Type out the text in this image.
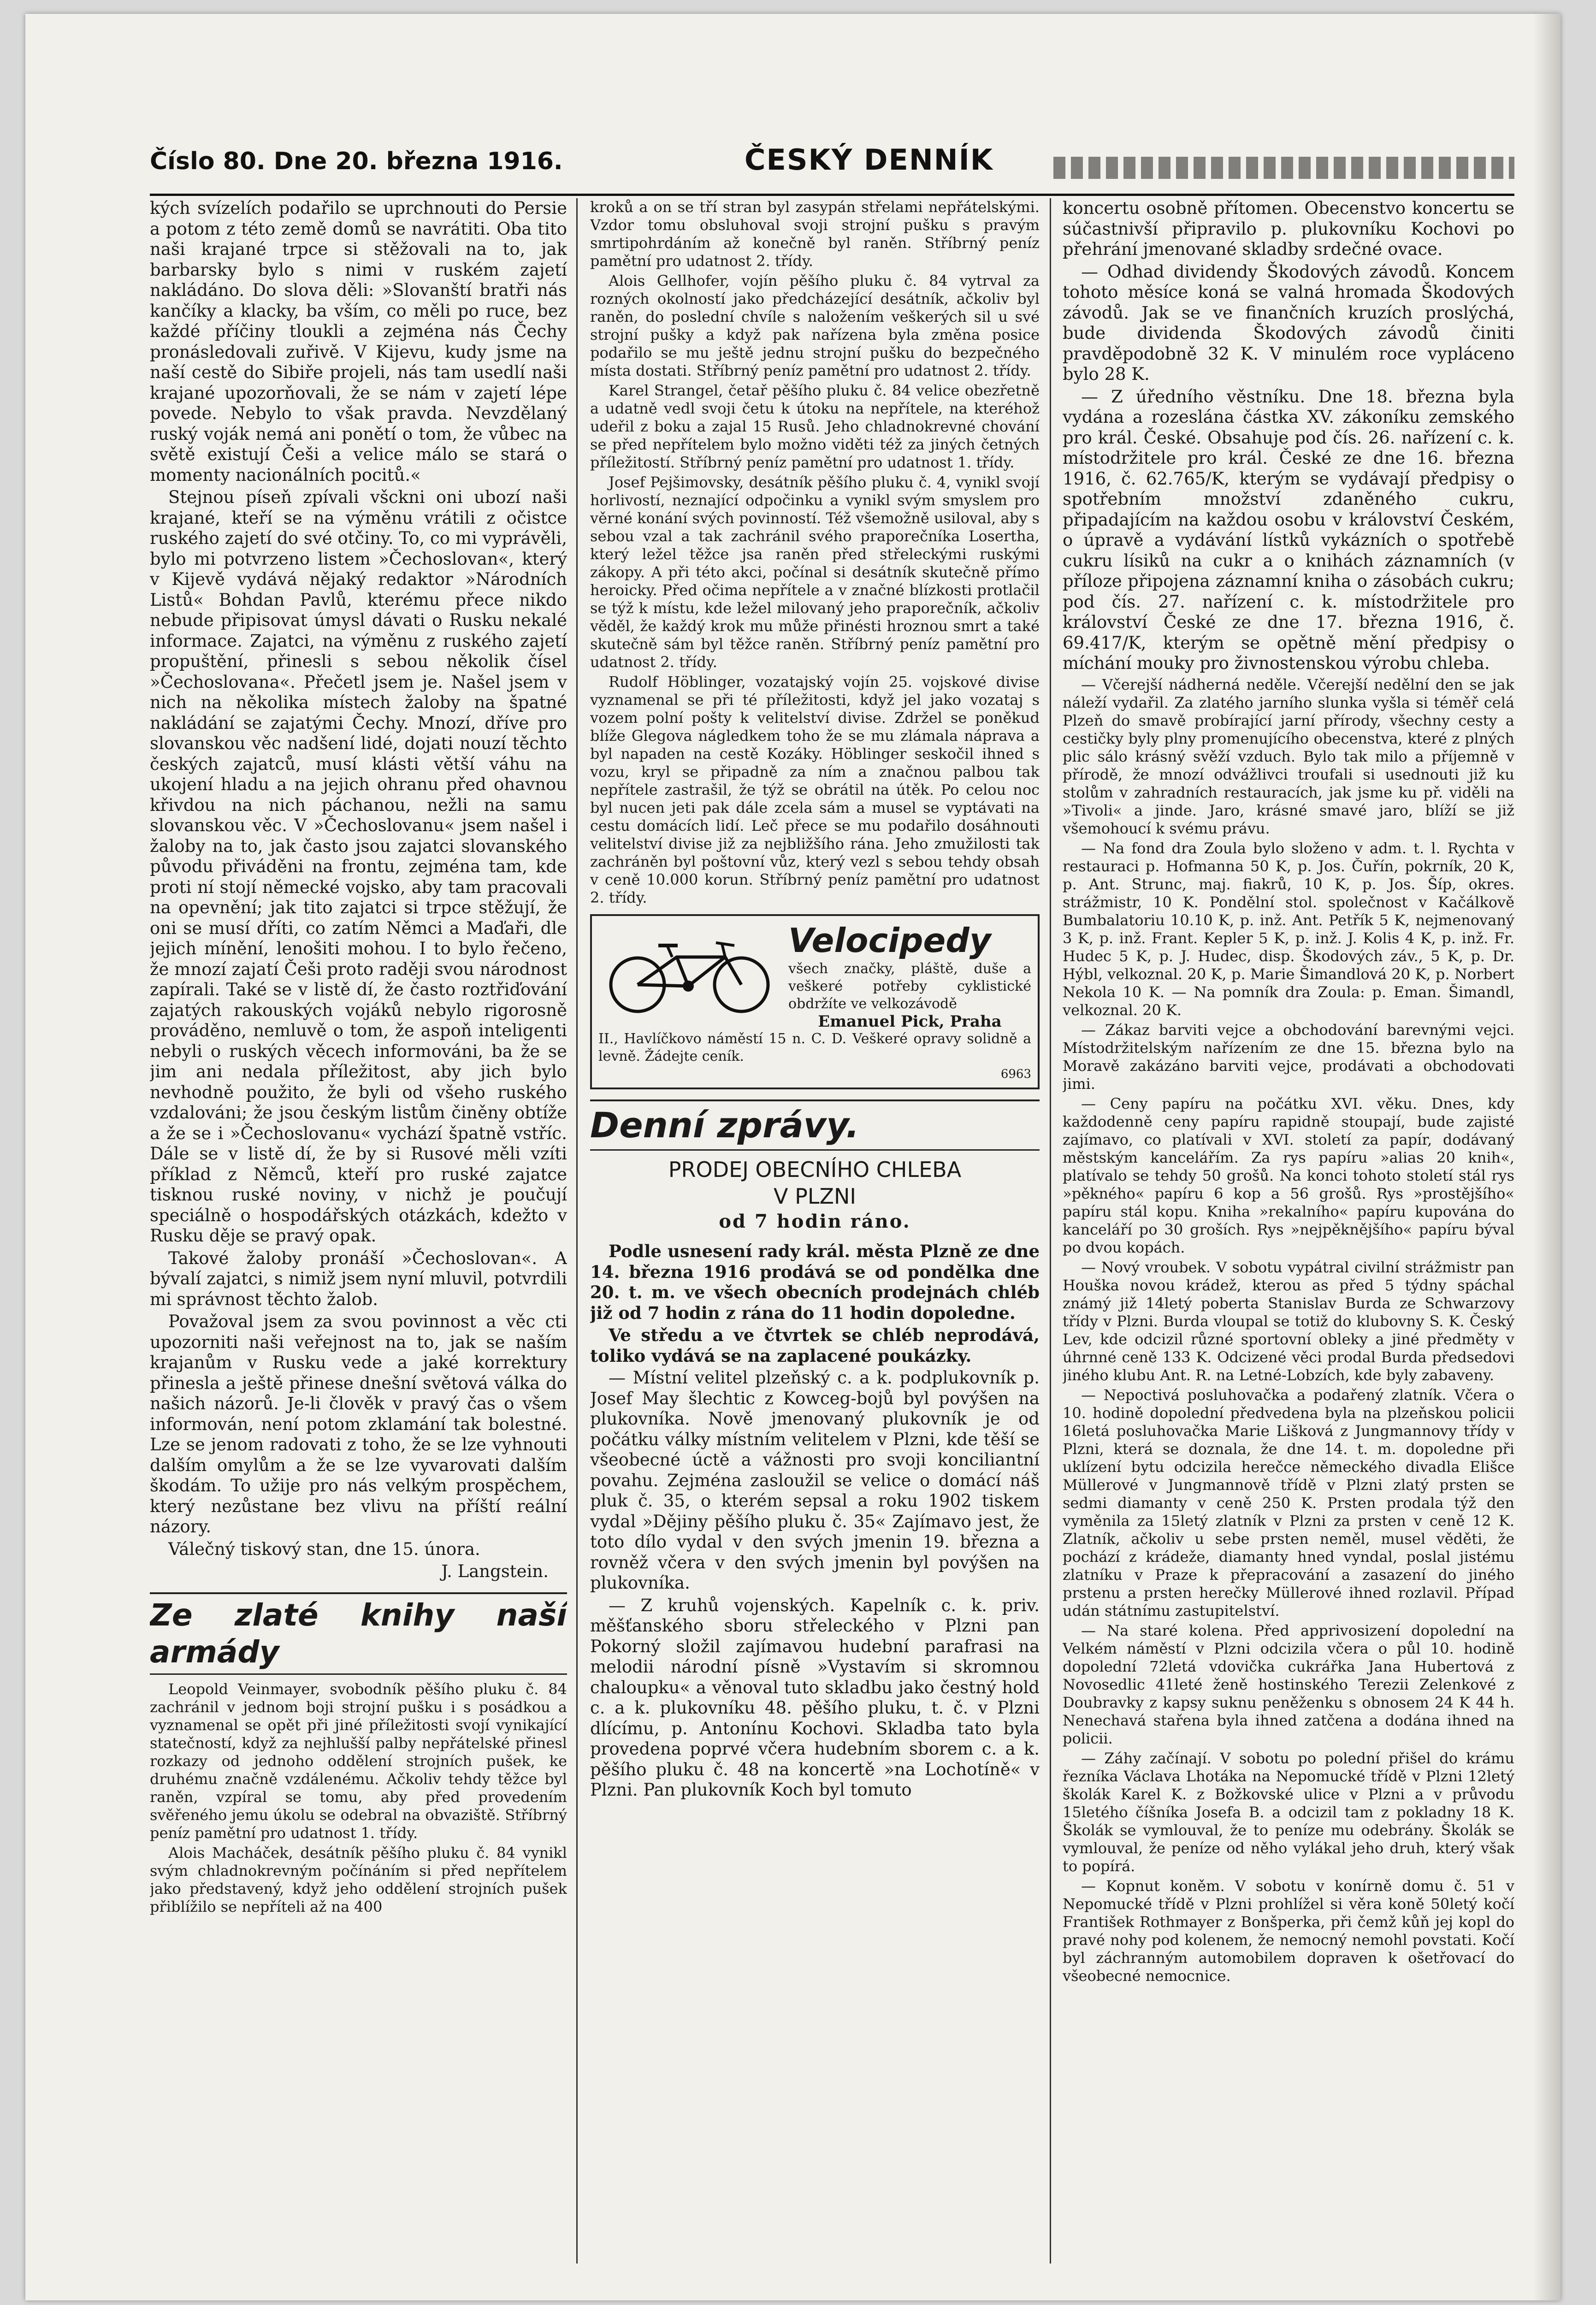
Číslo 80. Dne 20. března 1916.	ČESKÝ DENNÍK

kých svízelích podařilo se uprchnouti do Persie a potom z této země domů se navrátiti. Oba tito naši krajané trpce si stěžovali na to, jak barbarsky bylo s nimi v ruském zajetí nakládáno. Do slova děli: »Slovanští bratři nás kančíky a klacky, ba vším, co měli po ruce, bez každé příčiny tloukli a zejména nás Čechy pronásledovali zuřivě. V Kijevu, kudy jsme na naší cestě do Sibiře projeli, nás tam usedlí naši krajané upozorňovali, že se nám v zajetí lépe povede. Nebylo to však pravda. Nevzdělaný ruský voják nemá ani ponětí o tom, že vůbec na světě existují Češi a velice málo se stará o momenty nacionálních pocitů.«

Stejnou píseň zpívali všckni oni ubozí naši krajané, kteří se na výměnu vrátili z očistce ruského zajetí do své otčiny. To, co mi vyprávěli, bylo mi potvrzeno listem »Čechoslovan«, který v Kijevě vydává nějaký redaktor »Národních Listů« Bohdan Pavlů, kterému přece nikdo nebude připisovat úmysl dávati o Rusku nekalé informace. Zajatci, na výměnu z ruského zajetí propuštění, přinesli s sebou několik čísel »Čechoslovana«. Přečetl jsem je. Našel jsem v nich na několika místech žaloby na špatné nakládání se zajatými Čechy. Mnozí, dříve pro slovanskou věc nadšení lidé, dojati nouzí těchto českých zajatců, musí klásti větší váhu na ukojení hladu a na jejich ohranu před ohavnou křivdou na nich páchanou, nežli na samu slovanskou věc. V »Čechoslovanu« jsem našel i žaloby na to, jak často jsou zajatci slovanského původu přiváděni na frontu, zejména tam, kde proti ní stojí německé vojsko, aby tam pracovali na opevnění; jak tito zajatci si trpce stěžují, že oni se musí dříti, co zatím Němci a Maďaři, dle jejich mínění, lenošiti mohou. I to bylo řečeno, že mnozí zajatí Češi proto raději svou národnost zapírali. Také se v listě dí, že často roztřiďování zajatých rakouských vojáků nebylo rigorosně prováděno, nemluvě o tom, že aspoň inteligenti nebyli o ruských věcech informováni, ba že se jim ani nedala příležitost, aby jich bylo nevhodně použito, že byli od všeho ruského vzdalováni; že jsou českým listům činěny obtíže a že se i »Čechoslovanu« vychází špatně vstříc. Dále se v listě dí, že by si Rusové měli vzíti příklad z Němců, kteří pro ruské zajatce tisknou ruské noviny, v nichž je poučují speciálně o hospodářských otázkách, kdežto v Rusku děje se pravý opak.

Takové žaloby pronáší »Čechoslovan«. A bývalí zajatci, s nimiž jsem nyní mluvil, potvrdili mi správnost těchto žalob.

Považoval jsem za svou povinnost a věc cti upozorniti naši veřejnost na to, jak se naším krajanům v Rusku vede a jaké korrektury přinesla a ještě přinese dnešní světová válka do našich názorů. Je-li člověk v pravý čas o všem informován, není potom zklamání tak bolestné. Lze se jenom radovati z toho, že se lze vyhnouti dalším omylům a že se lze vyvarovati dalším škodám. To užije pro nás velkým prospěchem, který nezůstane bez vlivu na příští reální názory.

Válečný tiskový stan, dne 15. února.

J. Langstein.
Ze zlaté knihy naší armády

Leopold Veinmayer, svobodník pěšího pluku č. 84 zachránil v jednom boji strojní pušku i s posádkou a vyznamenal se opět při jiné příležitosti svojí vynikající statečností, když za nejhlušší palby nepřátelské přinesl rozkazy od jednoho oddělení strojních pušek, ke druhému značně vzdálenému. Ačkoliv tehdy těžce byl raněn, vzpíral se tomu, aby před provedením svěřeného jemu úkolu se odebral na obvaziště. Stříbrný peníz pamětní pro udatnost 1. třídy.

Alois Macháček, desátník pěšího pluku č. 84 vynikl svým chladnokrevným počínáním si před nepřítelem jako představený, když jeho oddělení strojních pušek přiblížilo se nepříteli až na 400

kroků a on se tří stran byl zasypán střelami nepřátelskými. Vzdor tomu obsluhoval svoji strojní pušku s pravým smrtipohrdáním až konečně byl raněn. Stříbrný peníz pamětní pro udatnost 2. třídy.

Alois Gellhofer, vojín pěšího pluku č. 84 vytrval za rozných okolností jako předcházející desátník, ačkoliv byl raněn, do poslední chvíle s naložením veškerých sil u své strojní pušky a když pak nařízena byla změna posice podařilo se mu ještě jednu strojní pušku do bezpečného místa dostati. Stříbrný peníz pamětní pro udatnost 2. třídy.

Karel Strangel, četař pěšího pluku č. 84 velice obezřetně a udatně vedl svoji četu k útoku na nepřítele, na kteréhož udeřil z boku a zajal 15 Rusů. Jeho chladnokrevné chování se před nepřítelem bylo možno viděti též za jiných četných příležitostí. Stříbrný peníz pamětní pro udatnost 1. třídy.

Josef Pejšimovsky, desátník pěšího pluku č. 4, vynikl svojí horlivostí, neznající odpočinku a vynikl svým smyslem pro věrné konání svých povinností. Též všemožně usiloval, aby s sebou vzal a tak zachránil svého praporečníka Losertha, který ležel těžce jsa raněn před střeleckými ruskými zákopy. A při této akci, počínal si desátník skutečně přímo heroicky. Před očima nepřítele a v značné blízkosti protlačil se týž k místu, kde ležel milovaný jeho praporečník, ačkoliv věděl, že každý krok mu může přinésti hroznou smrt a také skutečně sám byl těžce raněn. Stříbrný peníz pamětní pro udatnost 2. třídy.

Rudolf Höblinger, vozatajský vojín 25. vojskové divise vyznamenal se při té příležitosti, když jel jako vozataj s vozem polní pošty k velitelství divise. Zdržel se poněkud blíže Glegova nágledkem toho že se mu zlámala náprava a byl napaden na cestě Kozáky. Höblinger seskočil ihned s vozu, kryl se připadně za ním a značnou palbou tak nepřítele zastrašil, že týž se obrátil na útěk. Po celou noc byl nucen jeti pak dále zcela sám a musel se vyptávati na cestu domácích lidí. Leč přece se mu podařilo dosáhnouti velitelství divise již za nejbližšího rána. Jeho zmužilosti tak zachráněn byl poštovní vůz, který vezl s sebou tehdy obsah v ceně 10.000 korun. Stříbrný peníz pamětní pro udatnost 2. třídy.

Velocipedy
všech značky, pláště, duše a veškeré potřeby cyklistické obdržíte ve velkozávodě
Emanuel Pick, Praha
II., Havlíčkovo náměstí 15 n. C. D. Veškeré opravy solidně a levně. Žádejte ceník.
6963
Denní zprávy.
PRODEJ OBECNÍHO CHLEBA
V PLZNI
od 7 hodin ráno.

Podle usnesení rady král. města Plzně ze dne 14. března 1916 prodává se od pondělka dne 20. t. m. ve všech obecních prodejnách chléb již od 7 hodin z rána do 11 hodin dopoledne.

Ve středu a ve čtvrtek se chléb neprodává, toliko vydává se na zaplacené poukázky.

— Místní velitel plzeňský c. a k. podplukovník p. Josef May šlechtic z Kowceg-bojů byl povýšen na plukovníka. Nově jmenovaný plukovník je od počátku války místním velitelem v Plzni, kde těší se všeobecné úctě a vážnosti pro svoji konciliantní povahu. Zejména zasloužil se velice o domácí náš pluk č. 35, o kterém sepsal a roku 1902 tiskem vydal »Dějiny pěšího pluku č. 35« Zajímavo jest, že toto dílo vydal v den svých jmenin 19. března a rovněž včera v den svých jmenin byl povýšen na plukovníka.

— Z kruhů vojenských. Kapelník c. k. priv. měšťanského sboru střeleckého v Plzni pan Pokorný složil zajímavou hudební parafrasi na melodii národní písně »Vystavím si skromnou chaloupku« a věnoval tuto skladbu jako čestný hold c. a k. plukovníku 48. pěšího pluku, t. č. v Plzni dlícímu, p. Antonínu Kochovi. Skladba tato byla provedena poprvé včera hudebním sborem c. a k. pěšího pluku č. 48 na koncertě »na Lochotíně« v Plzni. Pan plukovník Koch byl tomuto

koncertu osobně přítomen. Obecenstvo koncertu se súčastnivší připravilo p. plukovníku Kochovi po přehrání jmenované skladby srdečné ovace.

— Odhad dividendy Škodových závodů. Koncem tohoto měsíce koná se valná hromada Škodových závodů. Jak se ve finančních kruzích proslýchá, bude dividenda Škodových závodů činiti pravděpodobně 32 K. V minulém roce vypláceno bylo 28 K.

— Z úředního věstníku. Dne 18. března byla vydána a rozeslána částka XV. zákoníku zemského pro král. České. Obsahuje pod čís. 26. nařízení c. k. místodržitele pro král. České ze dne 16. března 1916, č. 62.765/K, kterým se vydávají předpisy o spotřebním množství zdaněného cukru, připadajícím na každou osobu v království Českém, o úpravě a vydávání lístků vykázních o spotřebě cukru lísiků na cukr a o knihách záznamních (v příloze připojena záznamní kniha o zásobách cukru; pod čís. 27. nařízení c. k. místodržitele pro království České ze dne 17. března 1916, č. 69.417/K, kterým se opětně mění předpisy o míchání mouky pro živnostenskou výrobu chleba.

— Včerejší nádherná neděle. Včerejší nedělní den se jak náleží vydařil. Za zlatého jarního slunka vyšla si téměř celá Plzeň do smavě probírající jarní přírody, všechny cesty a cestičky byly plny promenujícího obecenstva, které z plných plic sálo krásný svěží vzduch. Bylo tak milo a příjemně v přírodě, že mnozí odvážlivci troufali si usednouti již ku stolům v zahradních restauracích, jak jsme ku př. viděli na »Tivoli« a jinde. Jaro, krásné smavé jaro, blíží se již všemohoucí k svému právu.

— Na fond dra Zoula bylo složeno v adm. t. l. Rychta v restauraci p. Hofmanna 50 K, p. Jos. Čuřín, pokrník, 20 K, p. Ant. Strunc, maj. fiakrů, 10 K, p. Jos. Šíp, okres. strážmistr, 10 K. Pondělní stol. společnost v Kačálkově Bumbalatoriu 10.10 K, p. inž. Ant. Petřík 5 K, nejmenovaný 3 K, p. inž. Frant. Kepler 5 K, p. inž. J. Kolis 4 K, p. inž. Fr. Hudec 5 K, p. J. Hudec, disp. Škodových záv., 5 K, p. Dr. Hýbl, velkoznal. 20 K, p. Marie Šimandlová 20 K, p. Norbert Nekola 10 K. — Na pomník dra Zoula: p. Eman. Šimandl, velkoznal. 20 K.

— Zákaz barviti vejce a obchodování barevnými vejci. Místodržitelským nařízením ze dne 15. března bylo na Moravě zakázáno barviti vejce, prodávati a obchodovati jimi.

— Ceny papíru na počátku XVI. věku. Dnes, kdy každodenně ceny papíru rapidně stoupají, bude zajisté zajímavo, co platívali v XVI. století za papír, dodávaný městským kancelářím. Za rys papíru »alias 20 knih«, platívalo se tehdy 50 grošů. Na konci tohoto století stál rys »pěkného« papíru 6 kop a 56 grošů. Rys »prostějšího« papíru stál kopu. Kniha »rekalního« papíru kupována do kanceláří po 30 groších. Rys »nejpěknějšího« papíru býval po dvou kopách.

— Nový vroubek. V sobotu vypátral civilní strážmistr pan Houška novou krádež, kterou as před 5 týdny spáchal známý již 14letý pobertа Stanislav Burda ze Schwarzovy třídy v Plzni. Burda vloupal se totiž do klubovny S. K. Český Lev, kde odcizil různé sportovní obleky a jiné předměty v úhrnné ceně 133 K. Odcizené věci prodal Burda předsedovi jiného klubu Ant. R. na Letné-Lobzích, kde byly zabaveny.

— Nepoctivá posluhovačka a podařený zlatník. Včera o 10. hodině dopolední předvedena byla na plzeňskou policii 16letá posluhovačka Marie Lišková z Jungmannovy třídy v Plzni, která se doznala, že dne 14. t. m. dopoledne při uklízení bytu odcizila herečce německého divadla Elišce Müllerové v Jungmannově třídě v Plzni zlatý prsten se sedmi diamanty v ceně 250 K. Prsten prodala týž den vyměnila za 15letý zlatník v Plzni za prsten v ceně 12 K. Zlatník, ačkoliv u sebe prsten neměl, musel věděti, že pochází z krádeže, diamanty hned vyndal, poslal jistému zlatníku v Praze k přepracování a zasazení do jiného prstenu a prsten herečky Müllerové ihned rozlavil. Případ udán státnímu zastupitelství.

— Na staré kolena. Před apprivosizení dopolední na Velkém náměstí v Plzni odcizila včera o půl 10. hodině dopolední 72letá vdovička cukrářka Jana Hubertová z Novosedlic 41leté ženě hostinského Terezii Zelenkové z Doubravky z kapsy suknu peněženku s obnosem 24 K 44 h. Nenechavá stařena byla ihned zatčena a dodána ihned na policii.

— Záhy začínají. V sobotu po polední přišel do krámu řezníka Václava Lhotáka na Nepomucké třídě v Plzni 12letý školák Karel K. z Božkovské ulice v Plzni a v průvodu 15letého číšníka Josefa B. a odcizil tam z pokladny 18 K. Školák se vymlouval, že to peníze mu odebrány. Školák se vymlouval, že peníze od něho vylákal jeho druh, který však to popírá.

— Kopnut koněm. V sobotu v konírně domu č. 51 v Nepomucké třídě v Plzni prohlížel si věra koně 50letý kočí František Rothmayer z Bonšperka, při čemž kůň jej kopl do pravé nohy pod kolenem, že nemocný nemohl povstati. Kočí byl záchranným automobilem dopraven k ošetřovací do všeobecné nemocnice.
